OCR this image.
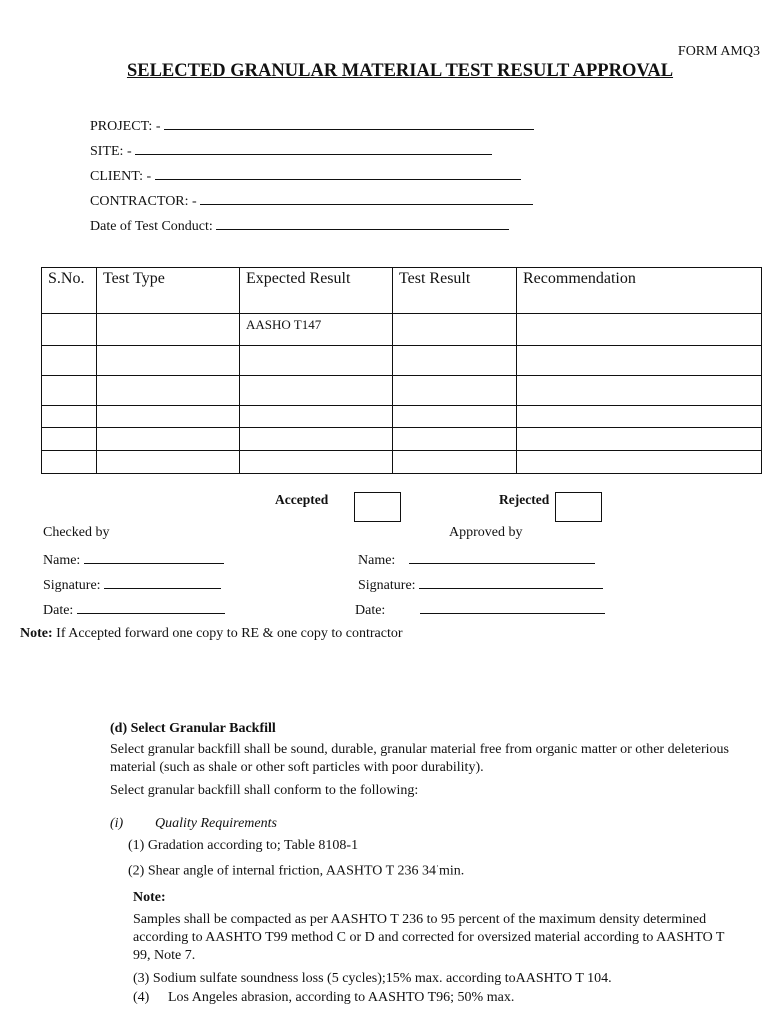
FORM AMQ3
SELECTED GRANULAR MATERIAL TEST RESULT APPROVAL
PROJECT: -
SITE: -
CLIENT: -
CONTRACTOR: -
Date of Test Conduct:
S.No.	Test Type	Expected Result	Test Result	Recommendation
		AASHO T147		

Accepted	Rejected
Checked by	Approved by
Name:
Signature:
Date:
Name:
Signature:
Date:
Note: If Accepted forward one copy to RE & one copy to contractor
(d) Select Granular Backfill
Select granular backfill shall be sound, durable, granular material free from organic matter or other deleterious material (such as shale or other soft particles with poor durability).
Select granular backfill shall conform to the following:
(i) Quality Requirements
(1) Gradation according to; Table 8108-1
(2) Shear angle of internal friction, AASHTO T 236 34·min.
Note:
Samples shall be compacted as per AASHTO T 236 to 95 percent of the maximum density determined according to AASHTO T99 method C or D and corrected for oversized material according to AASHTO T 99, Note 7.
(3) Sodium sulfate soundness loss (5 cycles);15% max. according toAASHTO T 104.
(4) Los Angeles abrasion, according to AASHTO T96; 50% max.
